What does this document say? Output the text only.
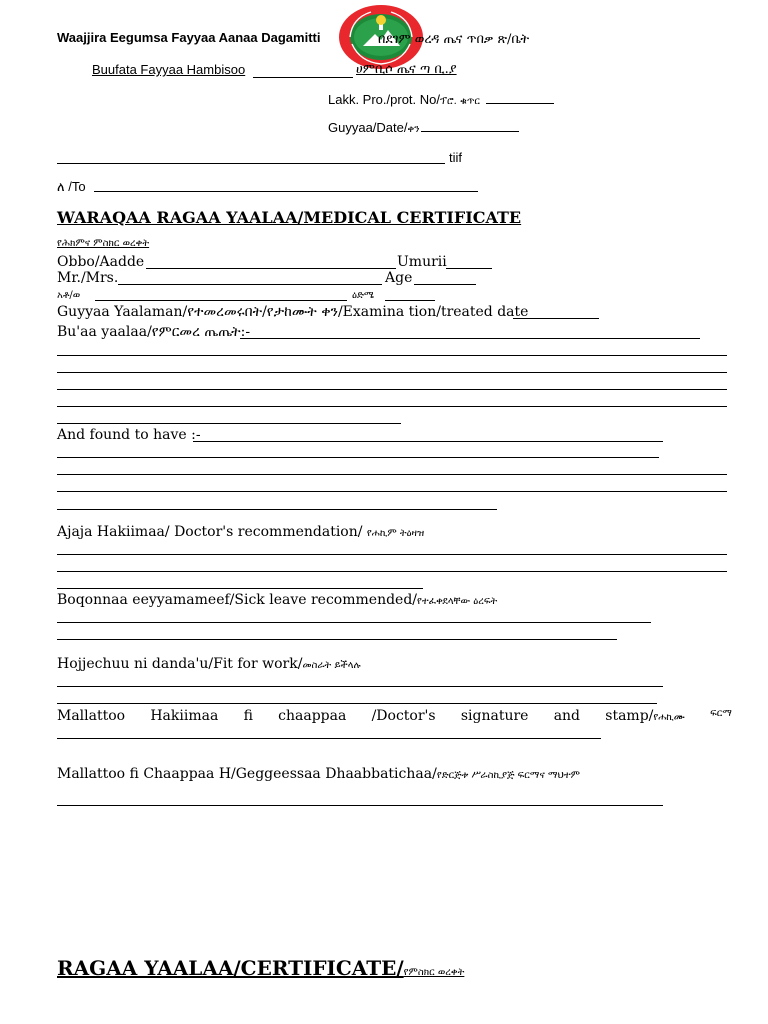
Waajjira Eegumsa Fayyaa Aanaa Dagamitti	በደገም ወረዳ ጤና ጥበቃ ጽ/ቤት
Buufata Fayyaa Hambisoo	ሀምቢሶ ጤና ጣ ቢ.ያ
Lakk. Pro./prot. No/ፕሮ. ቁጥር
Guyyaa/Date/ቀን
tiif
ለ /To
WARAQAA RAGAA YAALAA/MEDICAL CERTIFICATE
የሕክምና ምስክር ወረቀት
Obbo/Aadde	Umurii
Mr./Mrs.	Age
አቶ/ወ	ዕድሜ
Guyyaa Yaalaman/የተመረመሩበት/የታከሙት ቀን/Examina tion/treated date
Bu'aa yaalaa/የምርመረ ጤጤት:-
And found to have :-
Ajaja Hakiimaa/ Doctor's recommendation/ የሐኪም ትዕዛዝ
Boqonnaa eeyyamameef/Sick leave recommended/የተፈቀደላቸው ዕረፍት
Hojjechuu ni danda'u/Fit for work/መስራት ይችላሉ
Mallattoo Hakiimaa fi chaappaa /Doctor's signature and stamp/የሐኪሙ	ፍርማ
Mallattoo fi Chaappaa H/Geggeessaa Dhaabbatichaa/የድርጅቱ ሥራስኪያጅ ፍርማና ማህተም
RAGAA YAALAA/CERTIFICATE/የምስክር ወረቀት
